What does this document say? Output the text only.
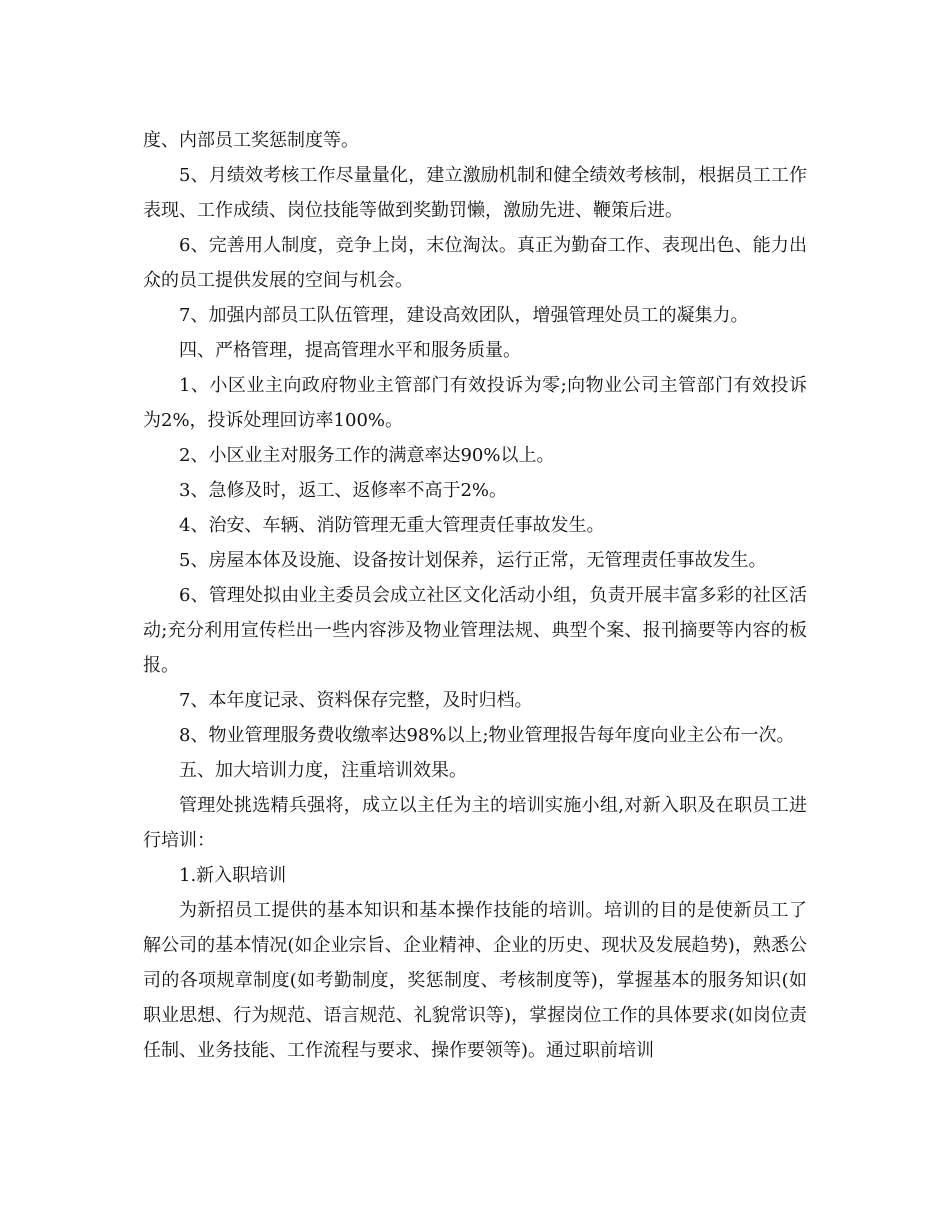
度、内部员工奖惩制度等。

5、月绩效考核工作尽量量化，建立激励机制和健全绩效考核制，根据员工工作表现、工作成绩、岗位技能等做到奖勤罚懒，激励先进、鞭策后进。

6、完善用人制度，竞争上岗，末位淘汰。真正为勤奋工作、表现出色、能力出众的员工提供发展的空间与机会。

7、加强内部员工队伍管理，建设高效团队，增强管理处员工的凝集力。

四、严格管理，提高管理水平和服务质量。

1、小区业主向政府物业主管部门有效投诉为零;向物业公司主管部门有效投诉为2%，投诉处理回访率100%。

2、小区业主对服务工作的满意率达90%以上。

3、急修及时，返工、返修率不高于2%。

4、治安、车辆、消防管理无重大管理责任事故发生。

5、房屋本体及设施、设备按计划保养，运行正常，无管理责任事故发生。

6、管理处拟由业主委员会成立社区文化活动小组，负责开展丰富多彩的社区活动;充分利用宣传栏出一些内容涉及物业管理法规、典型个案、报刊摘要等内容的板报。

7、本年度记录、资料保存完整，及时归档。

8、物业管理服务费收缴率达98%以上;物业管理报告每年度向业主公布一次。

五、加大培训力度，注重培训效果。

管理处挑选精兵强将，成立以主任为主的培训实施小组,对新入职及在职员工进行培训：

1.新入职培训

为新招员工提供的基本知识和基本操作技能的培训。培训的目的是使新员工了解公司的基本情况(如企业宗旨、企业精神、企业的历史、现状及发展趋势)，熟悉公司的各项规章制度(如考勤制度，奖惩制度、考核制度等)，掌握基本的服务知识(如职业思想、行为规范、语言规范、礼貌常识等)，掌握岗位工作的具体要求(如岗位责任制、业务技能、工作流程与要求、操作要领等)。通过职前培训
